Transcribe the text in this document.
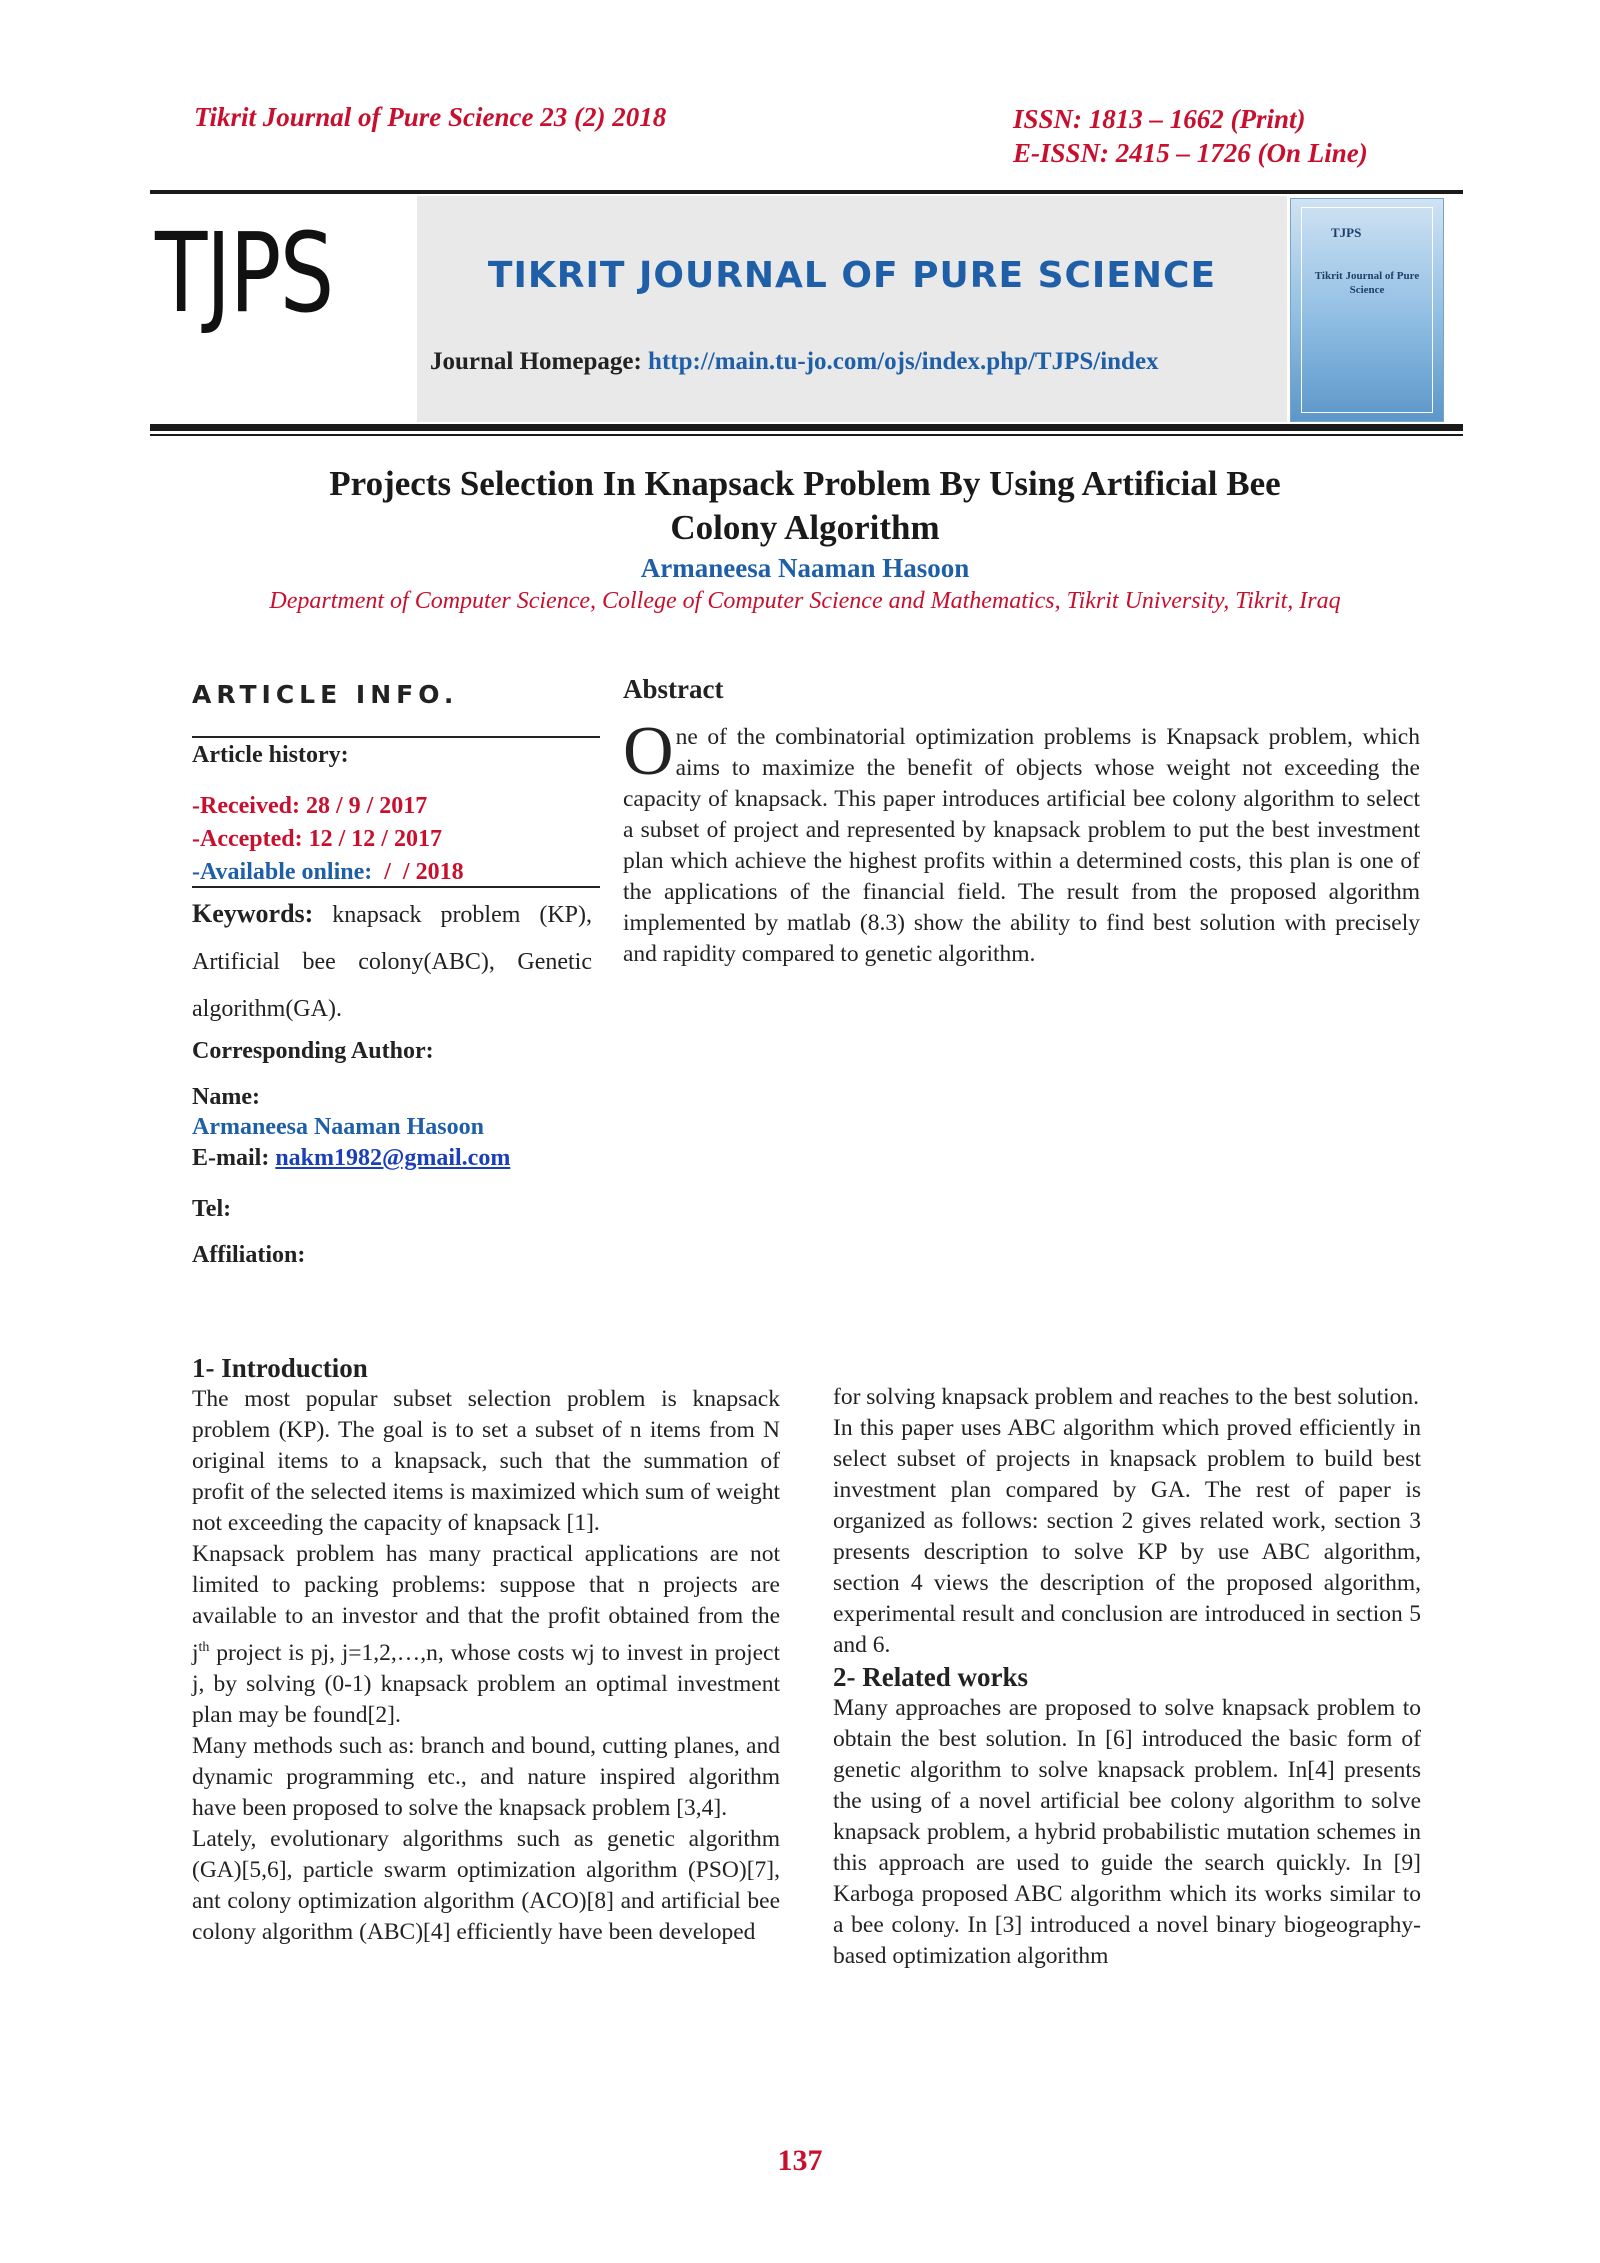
Tikrit Journal of Pure Science 23 (2) 2018	ISSN: 1813 – 1662 (Print)
E-ISSN: 2415 – 1726 (On Line)
TJPS	TIKRIT JOURNAL OF PURE SCIENCE
Journal Homepage: http://main.tu-jo.com/ojs/index.php/TJPS/index
TJPS
Tikrit Journal of Pure Science
Projects Selection In Knapsack Problem By Using Artificial Bee
Colony Algorithm
Armaneesa Naaman Hasoon
Department of Computer Science, College of Computer Science and Mathematics, Tikrit University, Tikrit, Iraq
ARTICLE INFO.
Article history:
-Received: 28 / 9 / 2017
-Accepted: 12 / 12 / 2017
-Available online:  /  / 2018
Keywords: knapsack problem (KP), Artificial bee colony(ABC), Genetic algorithm(GA).
Corresponding Author:
Name:
Armaneesa Naaman Hasoon
E-mail: nakm1982@gmail.com
Tel:
Affiliation:
Abstract
One of the combinatorial optimization problems is Knapsack problem, which aims to maximize the benefit of objects whose weight not exceeding the capacity of knapsack. This paper introduces artificial bee colony algorithm to select a subset of project and represented by knapsack problem to put the best investment plan which achieve the highest profits within a determined costs, this plan is one of the applications of the financial field. The result from the proposed algorithm implemented by matlab (8.3) show the ability to find best solution with precisely and rapidity compared to genetic algorithm.
1- Introduction

The most popular subset selection problem is knapsack problem (KP). The goal is to set a subset of n items from N original items to a knapsack, such that the summation of profit of the selected items is maximized which sum of weight not exceeding the capacity of knapsack [1].

Knapsack problem has many practical applications are not limited to packing problems: suppose that n projects are available to an investor and that the profit obtained from the $j^{th}$ project is pj, j=1,2,…,n, whose costs wj to invest in project j, by solving (0-1) knapsack problem an optimal investment plan may be found[2].

Many methods such as: branch and bound, cutting planes, and dynamic programming etc., and nature inspired algorithm have been proposed to solve the knapsack problem [3,4].

Lately, evolutionary algorithms such as genetic algorithm (GA)[5,6], particle swarm optimization algorithm (PSO)[7], ant colony optimization algorithm (ACO)[8] and artificial bee colony algorithm (ABC)[4] efficiently have been developed

for solving knapsack problem and reaches to the best solution.

In this paper uses ABC algorithm which proved efficiently in select subset of projects in knapsack problem to build best investment plan compared by GA. The rest of paper is organized as follows: section 2 gives related work, section 3 presents description to solve KP by use ABC algorithm, section 4 views the description of the proposed algorithm, experimental result and conclusion are introduced in section 5 and 6.

2- Related works

Many approaches are proposed to solve knapsack problem to obtain the best solution. In [6] introduced the basic form of genetic algorithm to solve knapsack problem. In[4] presents the using of a novel artificial bee colony algorithm to solve knapsack problem, a hybrid probabilistic mutation schemes in this approach are used to guide the search quickly. In [9] Karboga proposed ABC algorithm which its works similar to a bee colony. In [3] introduced a novel binary biogeography-based optimization algorithm

137
